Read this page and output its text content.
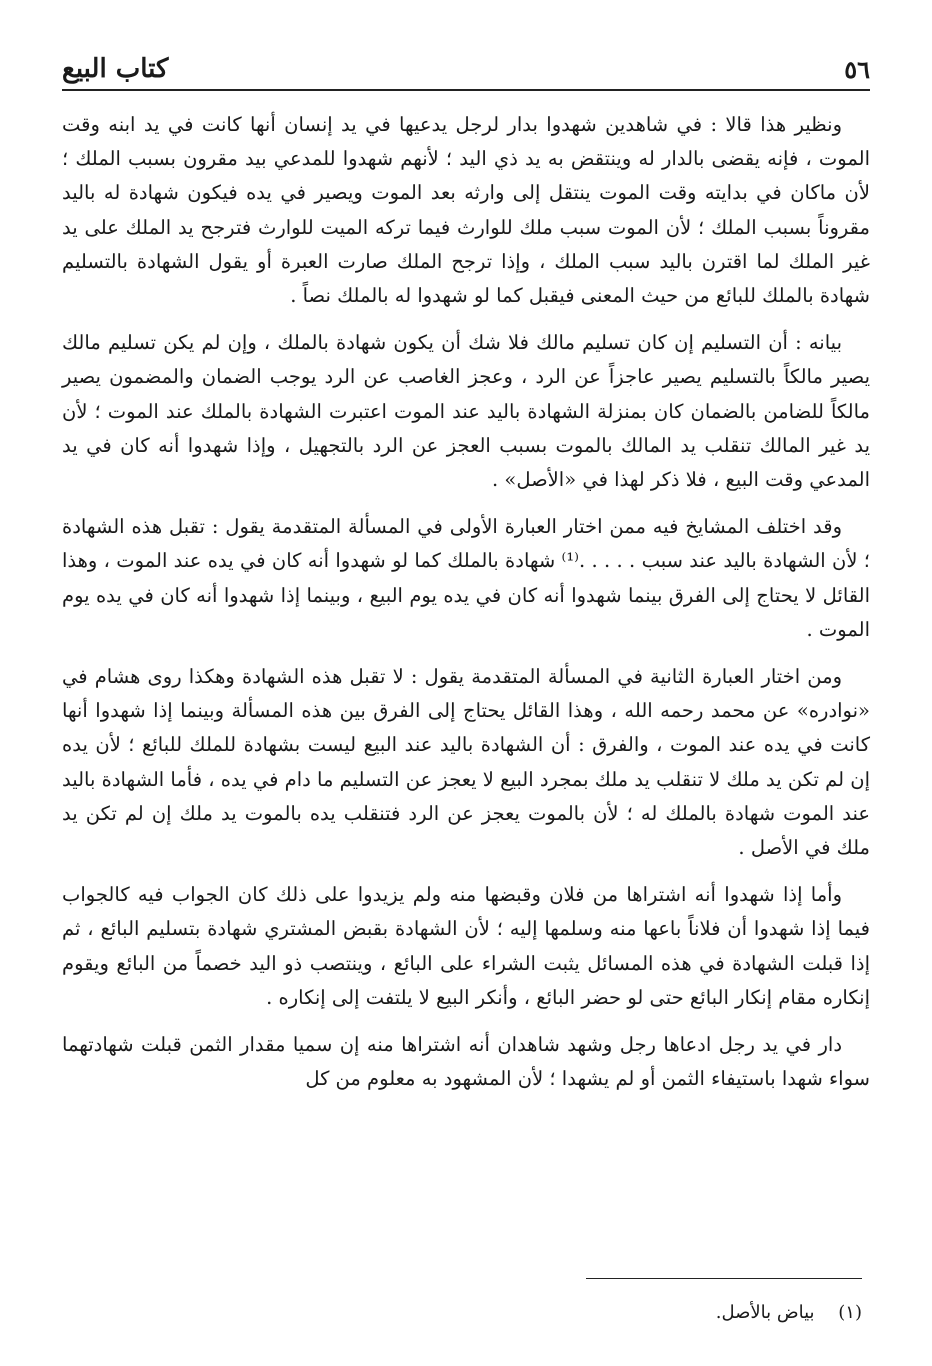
٥٦
كتاب البيع

ونظير هذا قالا : في شاهدين شهدوا بدار لرجل يدعيها في يد إنسان أنها كانت في يد ابنه وقت الموت ، فإنه يقضى بالدار له وينتقض به يد ذي اليد ؛ لأنهم شهدوا للمدعي بيد مقرون بسبب الملك ؛ لأن ماكان في بدايته وقت الموت ينتقل إلى وارثه بعد الموت ويصير في يده فيكون شهادة له باليد مقروناً بسبب الملك ؛ لأن الموت سبب ملك للوارث فيما تركه الميت للوارث فترجح يد الملك على يد غير الملك لما اقترن باليد سبب الملك ، وإذا ترجح الملك صارت العبرة أو يقول الشهادة بالتسليم شهادة بالملك للبائع من حيث المعنى فيقبل كما لو شهدوا له بالملك نصاً .

بيانه : أن التسليم إن كان تسليم مالك فلا شك أن يكون شهادة بالملك ، وإن لم يكن تسليم مالك يصير مالكاً بالتسليم يصير عاجزاً عن الرد ، وعجز الغاصب عن الرد يوجب الضمان والمضمون يصير مالكاً للضامن بالضمان كان بمنزلة الشهادة باليد عند الموت اعتبرت الشهادة بالملك عند الموت ؛ لأن يد غير المالك تنقلب يد المالك بالموت بسبب العجز عن الرد بالتجهيل ، وإذا شهدوا أنه كان في يد المدعي وقت البيع ، فلا ذكر لهذا في «الأصل» .

وقد اختلف المشايخ فيه ممن اختار العبارة الأولى في المسألة المتقدمة يقول : تقبل هذه الشهادة ؛ لأن الشهادة باليد عند سبب . . . . .⁽¹⁾ شهادة بالملك كما لو شهدوا أنه كان في يده عند الموت ، وهذا القائل لا يحتاج إلى الفرق بينما شهدوا أنه كان في يده يوم البيع ، وبينما إذا شهدوا أنه كان في يده يوم الموت .

ومن اختار العبارة الثانية في المسألة المتقدمة يقول : لا تقبل هذه الشهادة وهكذا روى هشام في «نوادره» عن محمد رحمه الله ، وهذا القائل يحتاج إلى الفرق بين هذه المسألة وبينما إذا شهدوا أنها كانت في يده عند الموت ، والفرق : أن الشهادة باليد عند البيع ليست بشهادة للملك للبائع ؛ لأن يده إن لم تكن يد ملك لا تنقلب يد ملك بمجرد البيع لا يعجز عن التسليم ما دام في يده ، فأما الشهادة باليد عند الموت شهادة بالملك له ؛ لأن بالموت يعجز عن الرد فتنقلب يده بالموت يد ملك إن لم تكن يد ملك في الأصل .

وأما إذا شهدوا أنه اشتراها من فلان وقبضها منه ولم يزيدوا على ذلك كان الجواب فيه كالجواب فيما إذا شهدوا أن فلاناً باعها منه وسلمها إليه ؛ لأن الشهادة بقبض المشتري شهادة بتسليم البائع ، ثم إذا قبلت الشهادة في هذه المسائل يثبت الشراء على البائع ، وينتصب ذو اليد خصماً من البائع ويقوم إنكاره مقام إنكار البائع حتى لو حضر البائع ، وأنكر البيع لا يلتفت إلى إنكاره .

دار في يد رجل ادعاها رجل وشهد شاهدان أنه اشتراها منه إن سميا مقدار الثمن قبلت شهادتهما سواء شهدا باستيفاء الثمن أو لم يشهدا ؛ لأن المشهود به معلوم من كل

(١) بياض بالأصل.
